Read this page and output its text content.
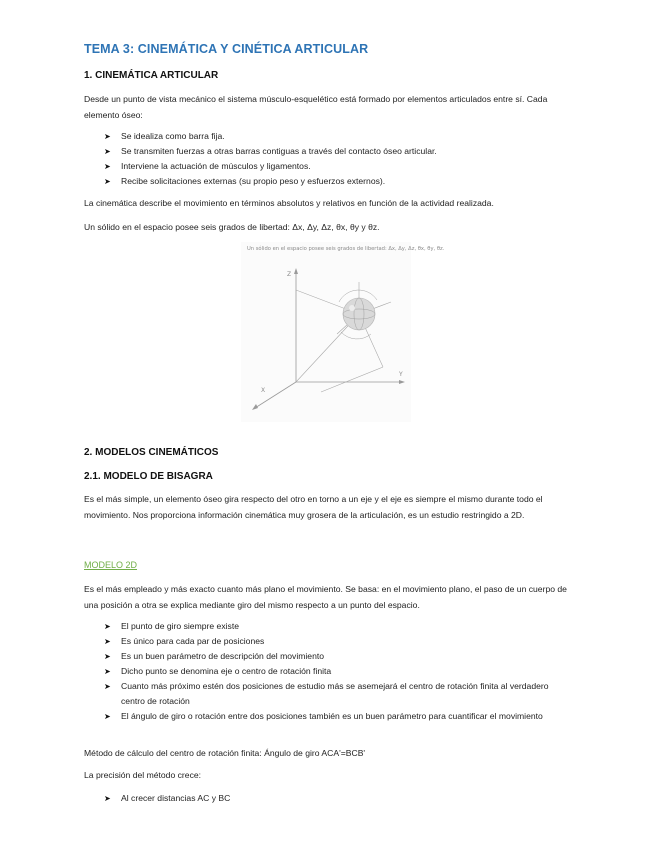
TEMA 3: CINEMÁTICA Y CINÉTICA ARTICULAR
1. CINEMÁTICA ARTICULAR
Desde un punto de vista mecánico el sistema músculo-esquelético está formado por elementos articulados entre sí. Cada elemento óseo:
➤ Se idealiza como barra fija.
➤ Se transmiten fuerzas a otras barras contiguas a través del contacto óseo articular.
➤ Interviene la actuación de músculos y ligamentos.
➤ Recibe solicitaciones externas (su propio peso y esfuerzos externos).
La cinemática describe el movimiento en términos absolutos y relativos en función de la actividad realizada.
Un sólido en el espacio posee seis grados de libertad: Δx, Δy, Δz, θx, θy y θz.
Un sólido en el espacio posee seis grados de libertad: Δx, Δy, Δz, θx, θy, θz.
Z
Y
X
2. MODELOS CINEMÁTICOS
2.1. MODELO DE BISAGRA
Es el más simple, un elemento óseo gira respecto del otro en torno a un eje y el eje es siempre el mismo durante todo el movimiento. Nos proporciona información cinemática muy grosera de la articulación, es un estudio restringido a 2D.
MODELO 2D
Es el más empleado y más exacto cuanto más plano el movimiento. Se basa: en el movimiento plano, el paso de un cuerpo de una posición a otra se explica mediante giro del mismo respecto a un punto del espacio.
➤ El punto de giro siempre existe
➤ Es único para cada par de posiciones
➤ Es un buen parámetro de descripción del movimiento
➤ Dicho punto se denomina eje o centro de rotación finita
➤ Cuanto más próximo estén dos posiciones de estudio más se asemejará el centro de rotación finita al verdadero centro de rotación
➤ El ángulo de giro o rotación entre dos posiciones también es un buen parámetro para cuantificar el movimiento
Método de cálculo del centro de rotación finita: Ángulo de giro ACA'=BCB'
La precisión del método crece:
➤ Al crecer distancias AC y BC
